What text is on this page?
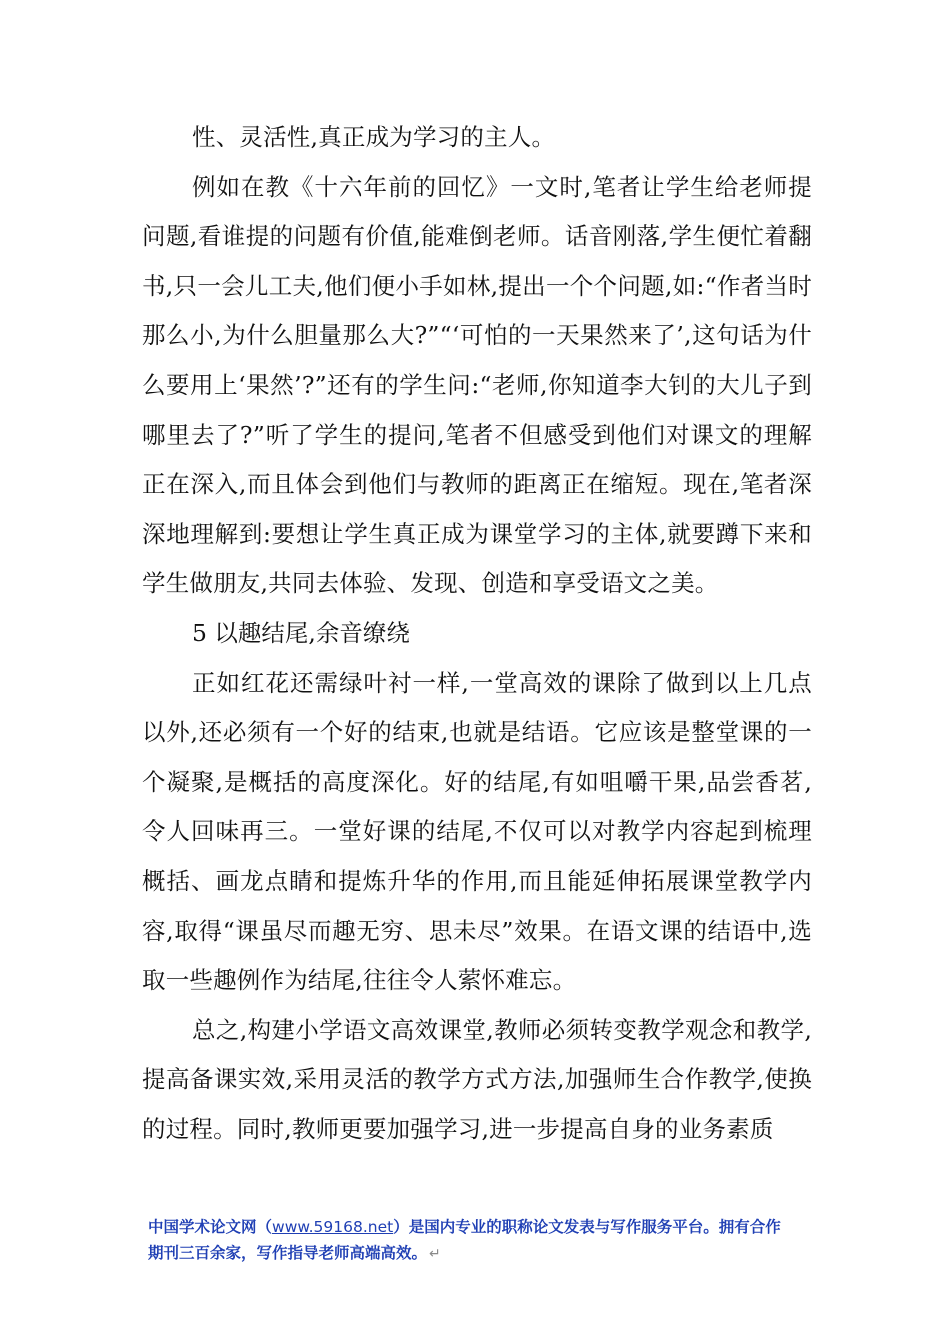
性、灵活性,真正成为学习的主人。

例如在教《十六年前的回忆》一文时,笔者让学生给老师提问题,看谁提的问题有价值,能难倒老师。话音刚落,学生便忙着翻书,只一会儿工夫,他们便小手如林,提出一个个问题,如:“作者当时那么小,为什么胆量那么大?”“‘可怕的一天果然来了’,这句话为什么要用上‘果然’?”还有的学生问:“老师,你知道李大钊的大儿子到哪里去了?”听了学生的提问,笔者不但感受到他们对课文的理解正在深入,而且体会到他们与教师的距离正在缩短。现在,笔者深深地理解到:要想让学生真正成为课堂学习的主体,就要蹲下来和学生做朋友,共同去体验、发现、创造和享受语文之美。

5 以趣结尾,余音缭绕

正如红花还需绿叶衬一样,一堂高效的课除了做到以上几点以外,还必须有一个好的结束,也就是结语。它应该是整堂课的一个凝聚,是概括的高度深化。好的结尾,有如咀嚼干果,品尝香茗,令人回味再三。一堂好课的结尾,不仅可以对教学内容起到梳理概括、画龙点睛和提炼升华的作用,而且能延伸拓展课堂教学内容,取得“课虽尽而趣无穷、思未尽”效果。在语文课的结语中,选取一些趣例作为结尾,往往令人萦怀难忘。

总之,构建小学语文高效课堂,教师必须转变教学观念和教学,提高备课实效,采用灵活的教学方式方法,加强师生合作教学,使换的过程。同时,教师更要加强学习,进一步提高自身的业务素质

中国学术论文网（www.59168.net）是国内专业的职称论文发表与写作服务平台。拥有合作
期刊三百余家，写作指导老师高端高效。 ↵
